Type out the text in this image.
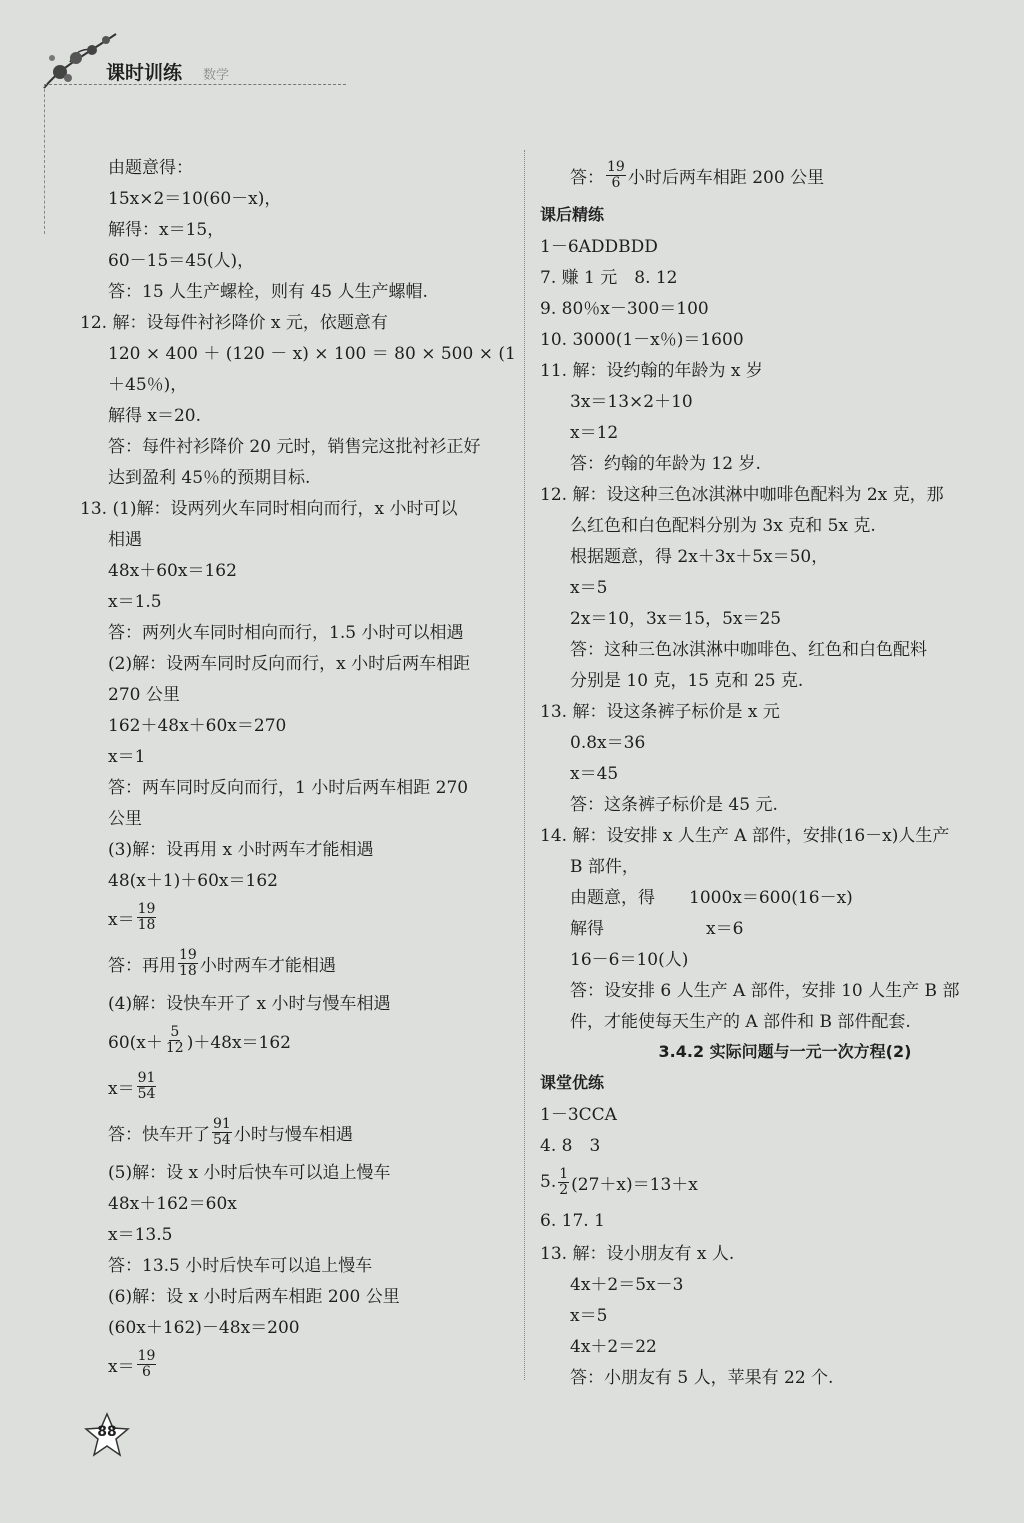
课时训练 数学
由题意得：
15x×2＝10(60－x)，
解得：x＝15，
60－15＝45(人)，
答：15 人生产螺栓，则有 45 人生产螺帽.
12. 解：设每件衬衫降价 x 元，依题意有
120 × 400 ＋ (120 － x) × 100 ＝ 80 × 500 × (1
＋45％)，
解得 x＝20.
答：每件衬衫降价 20 元时，销售完这批衬衫正好
达到盈利 45％的预期目标.
13. (1)解：设两列火车同时相向而行，x 小时可以
相遇
48x＋60x＝162
x＝1.5
答：两列火车同时相向而行，1.5 小时可以相遇
(2)解：设两车同时反向而行，x 小时后两车相距
270 公里
162＋48x＋60x＝270
x＝1
答：两车同时反向而行，1 小时后两车相距 270
公里
(3)解：设再用 x 小时两车才能相遇
48(x＋1)＋60x＝162
$x= \frac{19}{18}$
答：再用 $\frac{19}{18}$ 小时两车才能相遇
(4)解：设快车开了 x 小时与慢车相遇
$60(x+ \frac{5}{12} )+48x=162$
$x= \frac{91}{54}$
答：快车开了 $\frac{91}{54}$ 小时与慢车相遇
(5)解：设 x 小时后快车可以追上慢车
48x＋162＝60x
x＝13.5
答：13.5 小时后快车可以追上慢车
(6)解：设 x 小时后两车相距 200 公里
(60x＋162)－48x＝200
$x= \frac{19}{6}$
答： $\frac{19}{6}$ 小时后两车相距 200 公里
课后精练
1－6ADDBDD
7. 赚 1 元　8. 12
9. 80％x－300＝100
10. 3000(1－x％)＝1600
11. 解：设约翰的年龄为 x 岁
3x＝13×2＋10
x＝12
答：约翰的年龄为 12 岁.
12. 解：设这种三色冰淇淋中咖啡色配料为 2x 克，那
么红色和白色配料分别为 3x 克和 5x 克.
根据题意，得 2x＋3x＋5x＝50，
x＝5
2x＝10，3x＝15，5x＝25
答：这种三色冰淇淋中咖啡色、红色和白色配料
分别是 10 克，15 克和 25 克.
13. 解：设这条裤子标价是 x 元
0.8x＝36
x＝45
答：这条裤子标价是 45 元.
14. 解：设安排 x 人生产 A 部件，安排(16－x)人生产
B 部件，
由题意，得　　1000x＝600(16－x)
解得　　　　　　x＝6
16－6＝10(人)
答：设安排 6 人生产 A 部件，安排 10 人生产 B 部
件，才能使每天生产的 A 部件和 B 部件配套.
3.4.2 实际问题与一元一次方程(2)
课堂优练
1－3CCA
4. 8　3
5. $\frac{1}{2} (27+x)=13+x$
6. 17. 1
13. 解：设小朋友有 x 人.
4x＋2＝5x－3
x＝5
4x＋2＝22
答：小朋友有 5 人，苹果有 22 个.
88
